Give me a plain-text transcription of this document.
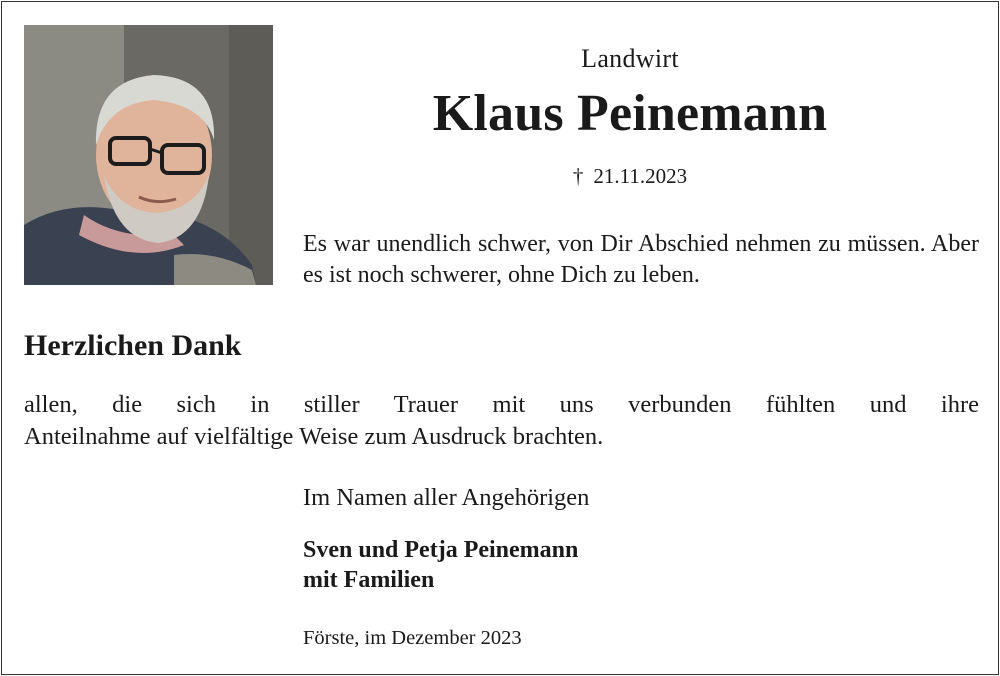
Landwirt
Klaus Peinemann
† 21.11.2023
Es war unendlich schwer, von Dir Abschied nehmen zu müssen. Aber es ist noch schwerer, ohne Dich zu leben.
Herzlichen Dank
allen, die sich in stiller Trauer mit uns verbunden fühlten und ihre
Anteilnahme auf vielfältige Weise zum Ausdruck brachten.
Im Namen aller Angehörigen
Sven und Petja Peinemann
mit Familien
Förste, im Dezember 2023
